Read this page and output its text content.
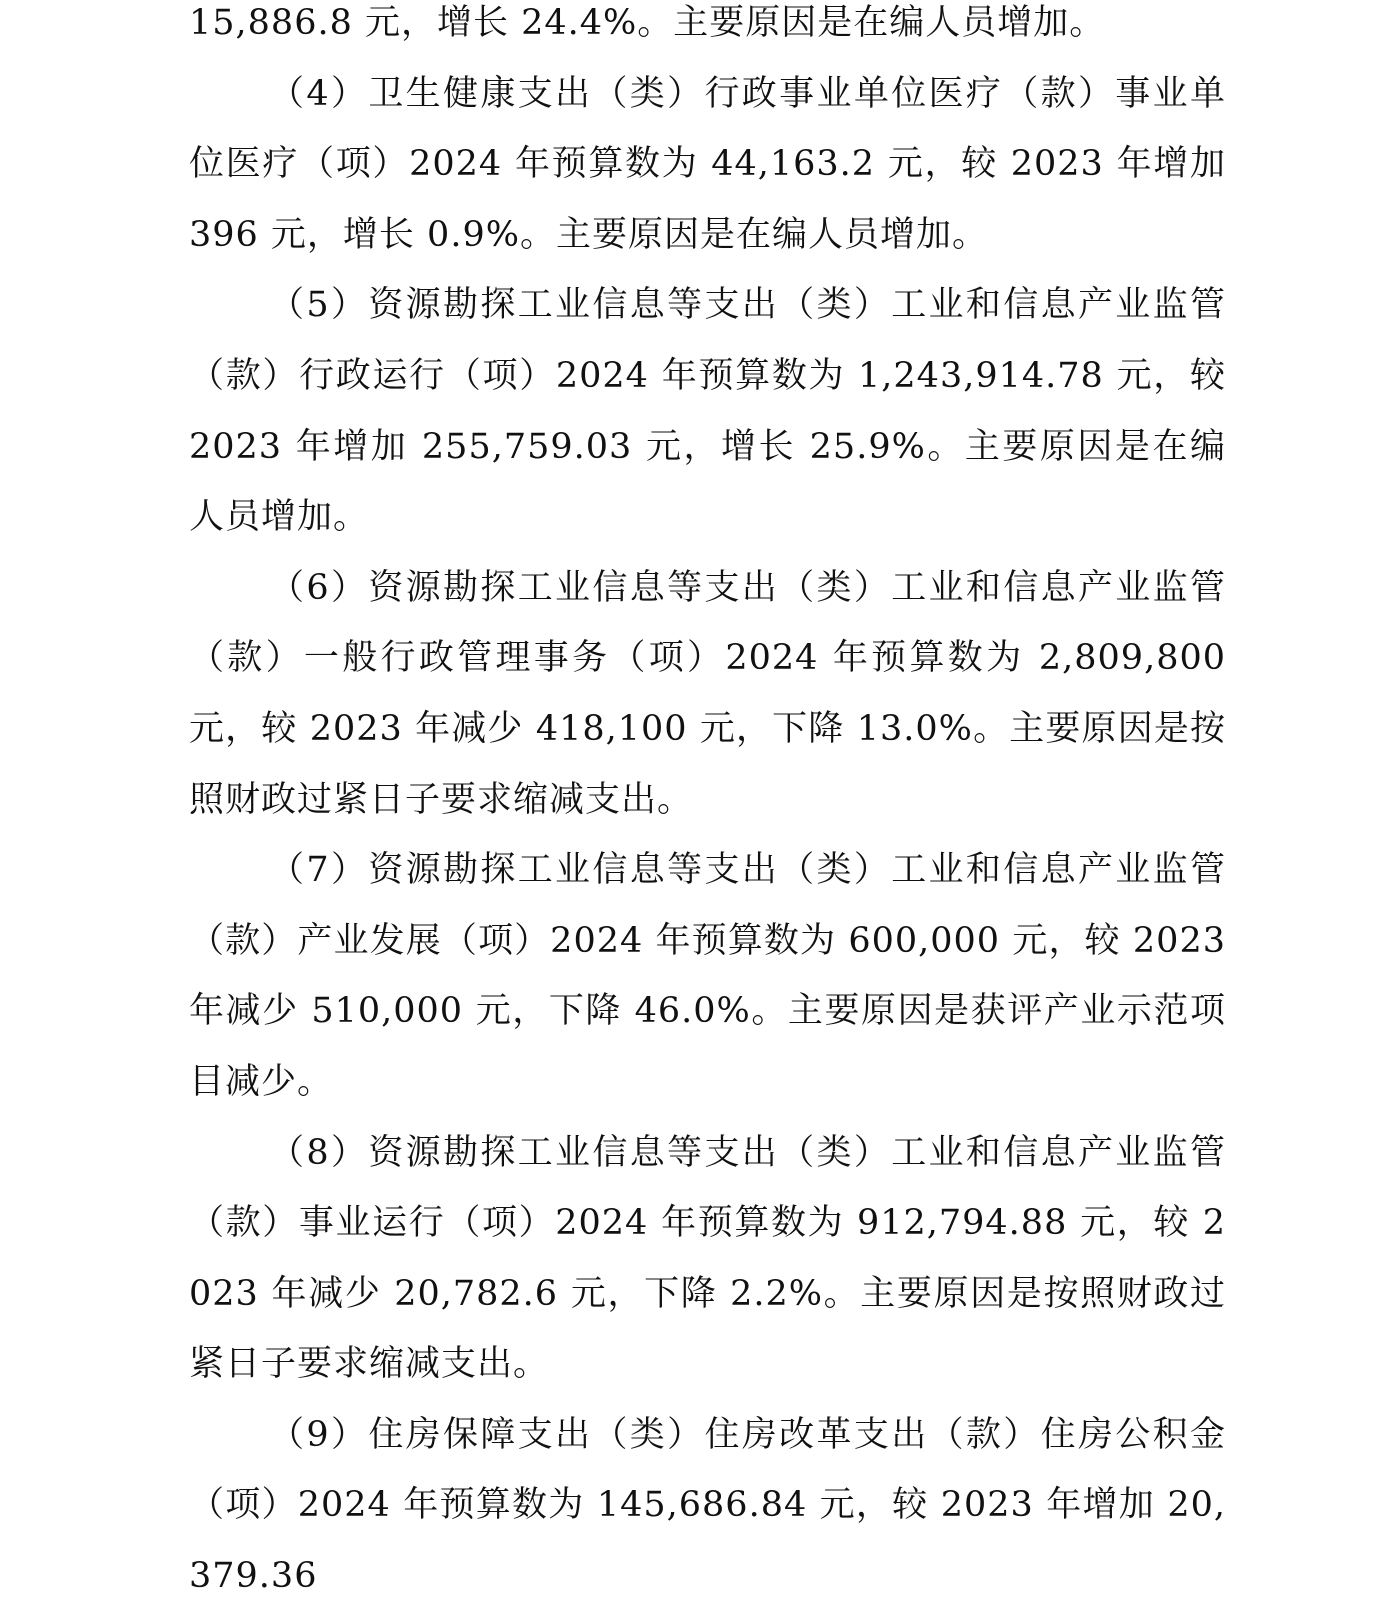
15,886.8 元，增长 24.4%。主要原因是在编人员增加。

（4）卫生健康支出（类）行政事业单位医疗（款）事业单位医疗（项）2024 年预算数为 44,163.2 元，较 2023 年增加 396 元，增长 0.9%。主要原因是在编人员增加。

（5）资源勘探工业信息等支出（类）工业和信息产业监管（款）行政运行（项）2024 年预算数为 1,243,914.78 元，较 2023 年增加 255,759.03 元，增长 25.9%。主要原因是在编人员增加。

（6）资源勘探工业信息等支出（类）工业和信息产业监管（款）一般行政管理事务（项）2024 年预算数为 2,809,800 元，较 2023 年减少 418,100 元，下降 13.0%。主要原因是按照财政过紧日子要求缩减支出。

（7）资源勘探工业信息等支出（类）工业和信息产业监管（款）产业发展（项）2024 年预算数为 600,000 元，较 2023 年减少 510,000 元，下降 46.0%。主要原因是获评产业示范项目减少。

（8）资源勘探工业信息等支出（类）工业和信息产业监管（款）事业运行（项）2024 年预算数为 912,794.88 元，较 2023 年减少 20,782.6 元，下降 2.2%。主要原因是按照财政过紧日子要求缩减支出。

（9）住房保障支出（类）住房改革支出（款）住房公积金（项）2024 年预算数为 145,686.84 元，较 2023 年增加 20,379.36
